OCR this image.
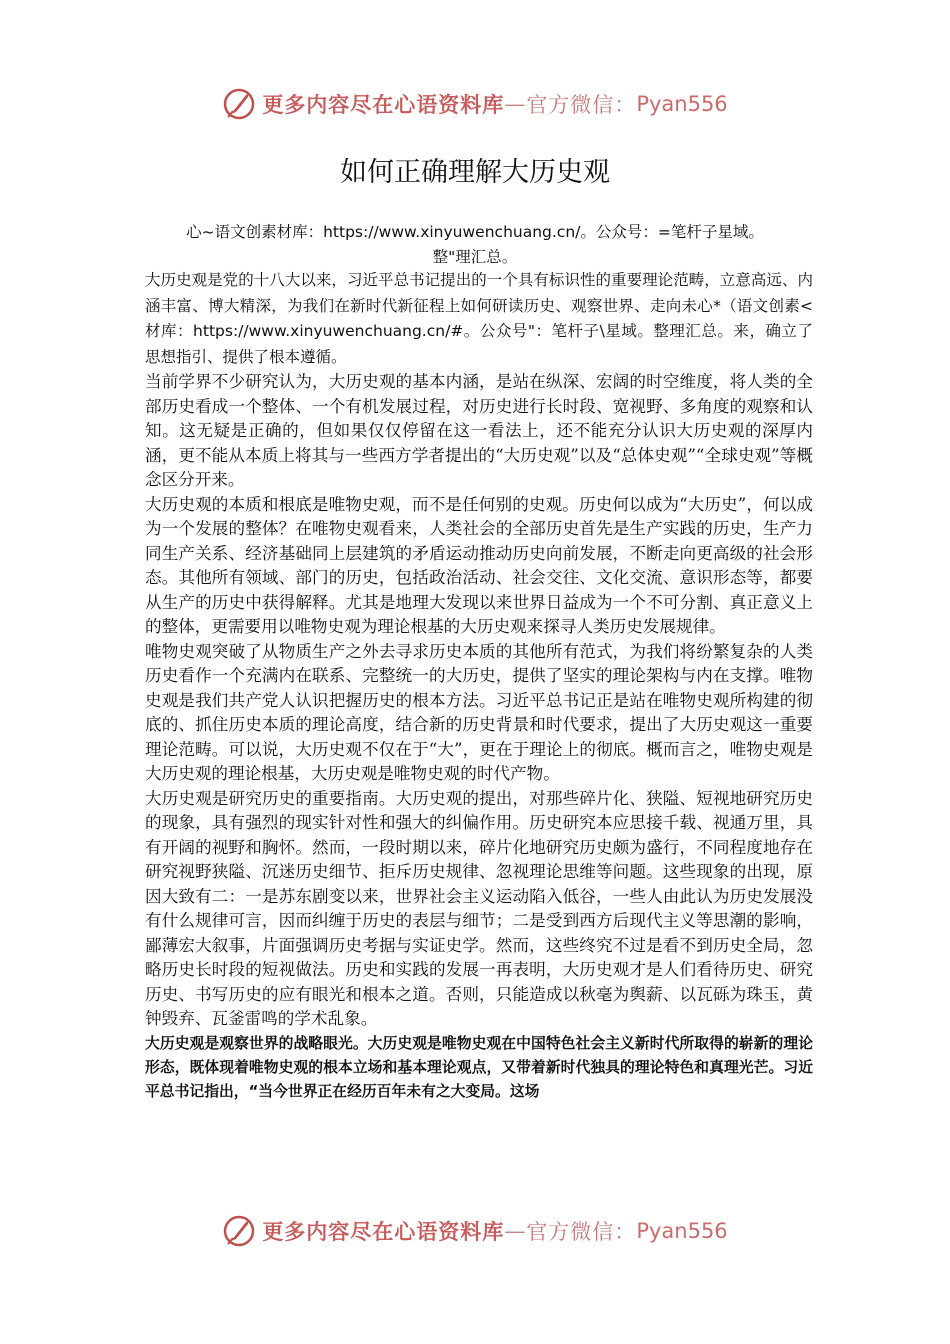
更多内容尽在心语资料库 — 官方微信： Pyan556
如何正确理解大历史观
心~语文创素材库：https://www.xinyuwenchuang.cn/。公众号：=笔杆子星域。
整"理汇总。

大历史观是党的十八大以来，习近平总书记提出的一个具有标识性的重要理论范畴，立意高远、内涵丰富、博大精深，为我们在新时代新征程上如何研读历史、观察世界、走向未心*（语文创素<材库：https://www.xinyuwenchuang.cn/#。公众号"：笔杆子\星域。整理汇总。来，确立了思想指引、提供了根本遵循。

当前学界不少研究认为，大历史观的基本内涵，是站在纵深、宏阔的时空维度，将人类的全部历史看成一个整体、一个有机发展过程，对历史进行长时段、宽视野、多角度的观察和认知。这无疑是正确的，但如果仅仅停留在这一看法上，还不能充分认识大历史观的深厚内涵，更不能从本质上将其与一些西方学者提出的“大历史观”以及“总体史观”“全球史观”等概念区分开来。

大历史观的本质和根底是唯物史观，而不是任何别的史观。历史何以成为“大历史”，何以成为一个发展的整体？在唯物史观看来，人类社会的全部历史首先是生产实践的历史，生产力同生产关系、经济基础同上层建筑的矛盾运动推动历史向前发展，不断走向更高级的社会形态。其他所有领域、部门的历史，包括政治活动、社会交往、文化交流、意识形态等，都要从生产的历史中获得解释。尤其是地理大发现以来世界日益成为一个不可分割、真正意义上的整体，更需要用以唯物史观为理论根基的大历史观来探寻人类历史发展规律。

唯物史观突破了从物质生产之外去寻求历史本质的其他所有范式，为我们将纷繁复杂的人类历史看作一个充满内在联系、完整统一的大历史，提供了坚实的理论架构与内在支撑。唯物史观是我们共产党人认识把握历史的根本方法。习近平总书记正是站在唯物史观所构建的彻底的、抓住历史本质的理论高度，结合新的历史背景和时代要求，提出了大历史观这一重要理论范畴。可以说，大历史观不仅在于“大”，更在于理论上的彻底。概而言之，唯物史观是大历史观的理论根基，大历史观是唯物史观的时代产物。

大历史观是研究历史的重要指南。大历史观的提出，对那些碎片化、狭隘、短视地研究历史的现象，具有强烈的现实针对性和强大的纠偏作用。历史研究本应思接千载、视通万里，具有开阔的视野和胸怀。然而，一段时期以来，碎片化地研究历史颇为盛行，不同程度地存在研究视野狭隘、沉迷历史细节、拒斥历史规律、忽视理论思维等问题。这些现象的出现，原因大致有二：一是苏东剧变以来，世界社会主义运动陷入低谷，一些人由此认为历史发展没有什么规律可言，因而纠缠于历史的表层与细节；二是受到西方后现代主义等思潮的影响，鄙薄宏大叙事，片面强调历史考据与实证史学。然而，这些终究不过是看不到历史全局，忽略历史长时段的短视做法。历史和实践的发展一再表明，大历史观才是人们看待历史、研究历史、书写历史的应有眼光和根本之道。否则，只能造成以秋毫为舆薪、以瓦砾为珠玉，黄钟毁弃、瓦釜雷鸣的学术乱象。

大历史观是观察世界的战略眼光。大历史观是唯物史观在中国特色社会主义新时代所取得的崭新的理论形态，既体现着唯物史观的根本立场和基本理论观点，又带着新时代独具的理论特色和真理光芒。习近平总书记指出，“当今世界正在经历百年未有之大变局。这场

更多内容尽在心语资料库 — 官方微信： Pyan556
